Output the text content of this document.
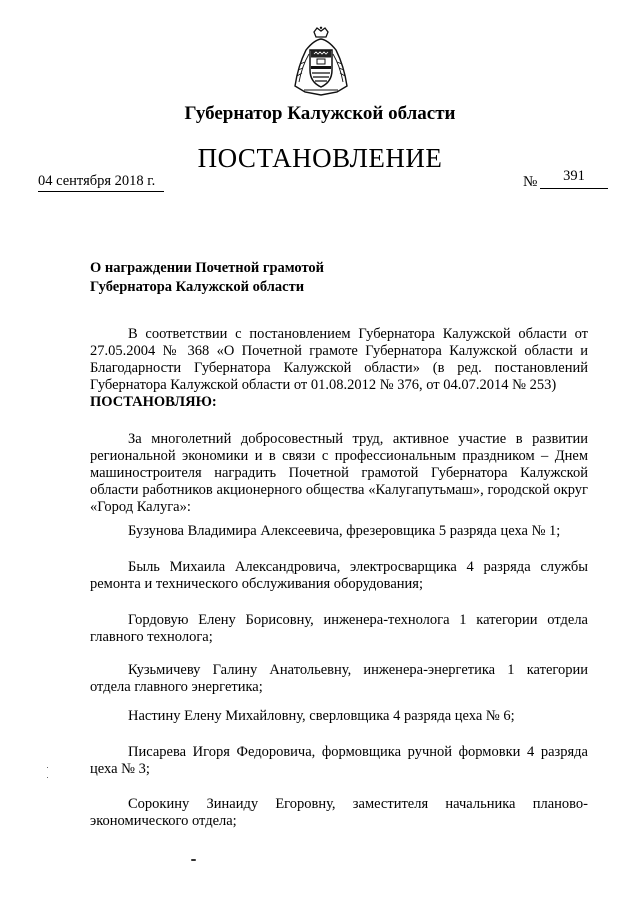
Губернатор Калужской области
ПОСТАНОВЛЕНИЕ
04 сентября 2018 г.	№	391
О награждении Почетной грамотой
Губернатора Калужской области

В соответствии с постановлением Губернатора Калужской области от 27.05.2004 № 368 «О Почетной грамоте Губернатора Калужской области и Благодарности Губернатора Калужской области» (в ред. постановлений Губернатора Калужской области от 01.08.2012 № 376, от 04.07.2014 № 253)

ПОСТАНОВЛЯЮ:

За многолетний добросовестный труд, активное участие в развитии региональной экономики и в связи с профессиональным праздником – Днем машиностроителя наградить Почетной грамотой Губернатора Калужской области работников акционерного общества «Калугапутьмаш», городской округ «Город Калуга»:

Бузунова Владимира Алексеевича, фрезеровщика 5 разряда цеха № 1;

Быль Михаила Александровича, электросварщика 4 разряда службы ремонта и технического обслуживания оборудования;

Гордовую Елену Борисовну, инженера-технолога 1 категории отдела главного технолога;

Кузьмичеву Галину Анатольевну, инженера-энергетика 1 категории отдела главного энергетика;

Настину Елену Михайловну, сверловщика 4 разряда цеха № 6;

Писарева Игоря Федоровича, формовщика ручной формовки 4 разряда цеха № 3;

Сорокину Зинаиду Егоровну, заместителя начальника планово-экономического отдела;
